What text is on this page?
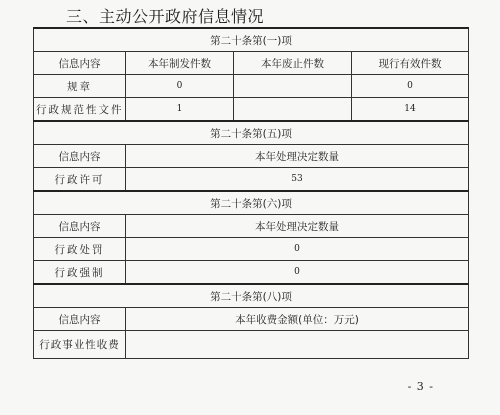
三、主动公开政府信息情况
第二十条第(一)项			
信息内容	本年制发件数	本年废止件数	现行有效件数
规章	0		0
行政规范性文件	1		14
第二十条第(五)项			
信息内容	本年处理决定数量		
行政许可	53		
第二十条第(六)项			
信息内容	本年处理决定数量		
行政处罚	0		
行政强制	0		
第二十条第(八)项			
信息内容	本年收费金额(单位：万元)		
行政事业性收费			
- 3 -
